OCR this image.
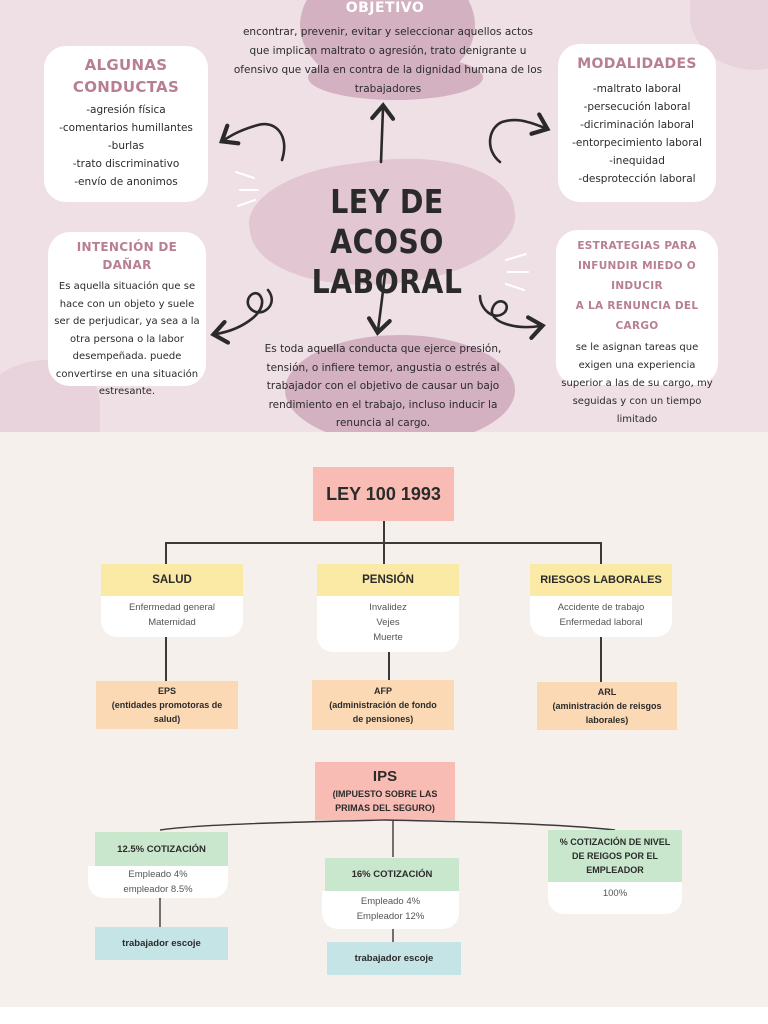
OBJETIVO
encontrar, prevenir, evitar y seleccionar aquellos actos que implican maltrato o agresión, trato denigrante u ofensivo que valla en contra de la dignidad humana de los trabajadores
LEY DE ACOSO
LABORAL
ALGUNAS
CONDUCTAS
-agresión física
-comentarios humillantes
-burlas
-trato discriminativo
-envío de anonimos
MODALIDADES
-maltrato laboral
-persecución laboral
-dicriminación laboral
-entorpecimiento laboral
-inequidad
-desprotección laboral
INTENCIÓN DE DAÑAR
Es aquella situación que se hace con un objeto y suele ser de perjudicar, ya sea a la otra persona o la labor desempeñada. puede convertirse en una situación estresante.
ESTRATEGIAS PARA
INFUNDIR MIEDO O INDUCIR
A LA RENUNCIA DEL CARGO
se le asignan tareas que exigen una experiencia superior a las de su cargo, my seguidas y con un tiempo limitado
Es toda aquella conducta que ejerce presión, tensión, o infiere temor, angustia o estrés al trabajador con el objetivo de causar un bajo rendimiento en el trabajo, incluso inducir la renuncia al cargo.
LEY 100 1993
SALUD
Enfermedad general
Maternidad
EPS
(entidades promotoras de
salud)
PENSIÓN
Invalidez
Vejes
Muerte
AFP
(administración de fondo
de pensiones)
RIESGOS LABORALES
Accidente de trabajo
Enfermedad laboral
ARL
(aministración de reisgos
laborales)
IPS
(IMPUESTO SOBRE LAS
PRIMAS DEL SEGURO)
12.5% COTIZACIÓN
Empleado 4%
empleador 8.5%
trabajador escoje
16% COTIZACIÓN
Empleado 4%
Empleador 12%
trabajador escoje
% COTIZACIÓN DE NIVEL
DE REIGOS POR EL
EMPLEADOR
100%
